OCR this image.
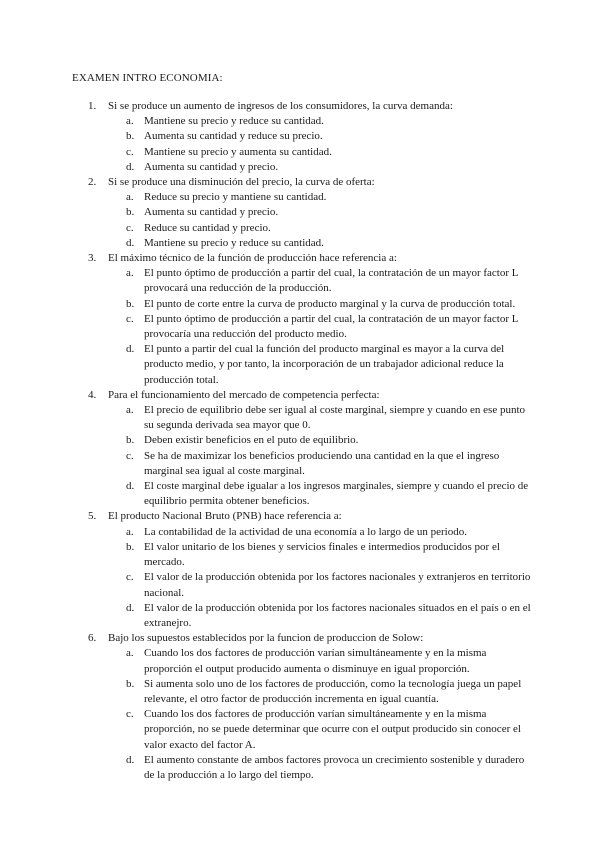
EXAMEN INTRO ECONOMIA:
1. Si se produce un aumento de ingresos de los consumidores, la curva demanda:
a. Mantiene su precio y reduce su cantidad.
b. Aumenta su cantidad y reduce su precio.
c. Mantiene su precio y aumenta su cantidad.
d. Aumenta su cantidad y precio.
2. Si se produce una disminución del precio, la curva de oferta:
a. Reduce su precio y mantiene su cantidad.
b. Aumenta su cantidad y precio.
c. Reduce su cantidad y precio.
d. Mantiene su precio y reduce su cantidad.
3. El máximo técnico de la función de producción hace referencia a:
a. El punto óptimo de producción a partir del cual, la contratación de un mayor factor L provocará una reducción de la producción.
b. El punto de corte entre la curva de producto marginal y la curva de producción total.
c. El punto óptimo de producción a partir del cual, la contratación de un mayor factor L provocaría una reducción del producto medio.
d. El punto a partir del cual la función del producto marginal es mayor a la curva del producto medio, y por tanto, la incorporación de un trabajador adicional reduce la producción total.
4. Para el funcionamiento del mercado de competencia perfecta:
a. El precio de equilibrio debe ser igual al coste marginal, siempre y cuando en ese punto su segunda derivada sea mayor que 0.
b. Deben existir beneficios en el puto de equilibrio.
c. Se ha de maximizar los beneficios produciendo una cantidad en la que el ingreso marginal sea igual al coste marginal.
d. El coste marginal debe igualar a los ingresos marginales, siempre y cuando el precio de equilibrio permita obtener beneficios.
5. El producto Nacional Bruto (PNB) hace referencia a:
a. La contabilidad de la actividad de una economía a lo largo de un periodo.
b. El valor unitario de los bienes y servicios finales e intermedios producidos por el mercado.
c. El valor de la producción obtenida por los factores nacionales y extranjeros en territorio nacional.
d. El valor de la producción obtenida por los factores nacionales situados en el país o en el extranejro.
6. Bajo los supuestos establecidos por la funcion de produccion de Solow:
a. Cuando los dos factores de producción varían simultáneamente y en la misma proporción el output producido aumenta o disminuye en igual proporción.
b. Si aumenta solo uno de los factores de producción, como la tecnología juega un papel relevante, el otro factor de producción incrementa en igual cuantía.
c. Cuando los dos factores de producción varían simultáneamente y en la misma proporción, no se puede determinar que ocurre con el output producido sin conocer el valor exacto del factor A.
d. El aumento constante de ambos factores provoca un crecimiento sostenible y duradero de la producción a lo largo del tiempo.
